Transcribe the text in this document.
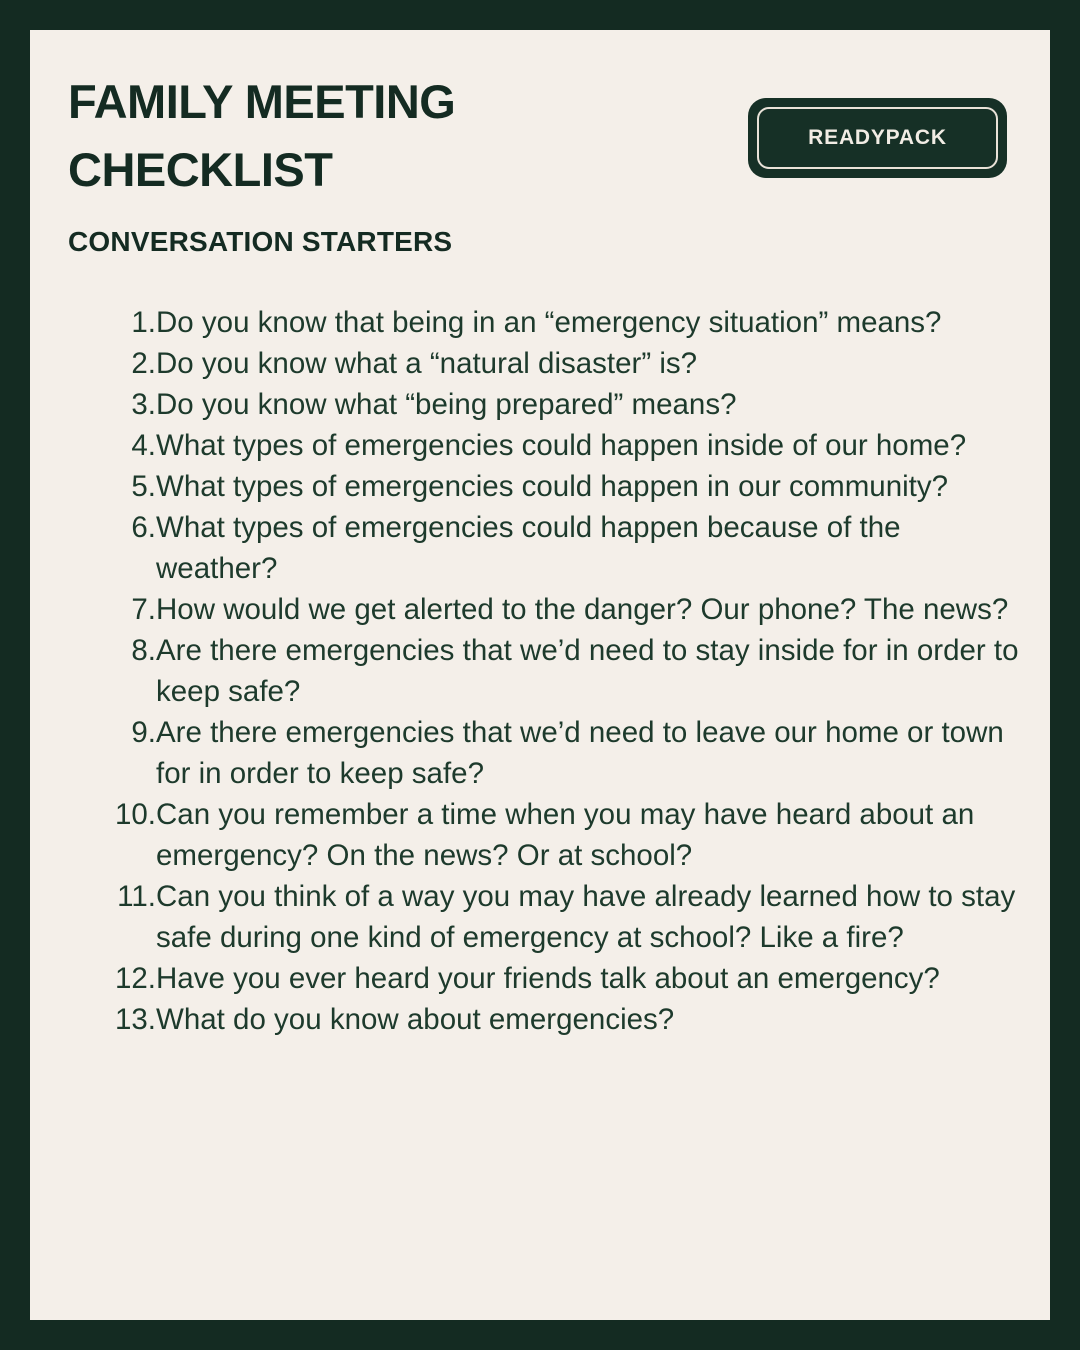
FAMILY MEETING
CHECKLIST
READYPACK
CONVERSATION STARTERS
1. Do you know that being in an “emergency situation” means?
2. Do you know what a “natural disaster” is?
3. Do you know what “being prepared” means?
4. What types of emergencies could happen inside of our home?
5. What types of emergencies could happen in our community?
6. What types of emergencies could happen because of the weather?
7. How would we get alerted to the danger? Our phone? The news?
8. Are there emergencies that we’d need to stay inside for in order to keep safe?
9. Are there emergencies that we’d need to leave our home or town for in order to keep safe?
10. Can you remember a time when you may have heard about an emergency? On the news? Or at school?
11. Can you think of a way you may have already learned how to stay safe during one kind of emergency at school? Like a fire?
12. Have you ever heard your friends talk about an emergency?
13. What do you know about emergencies?
